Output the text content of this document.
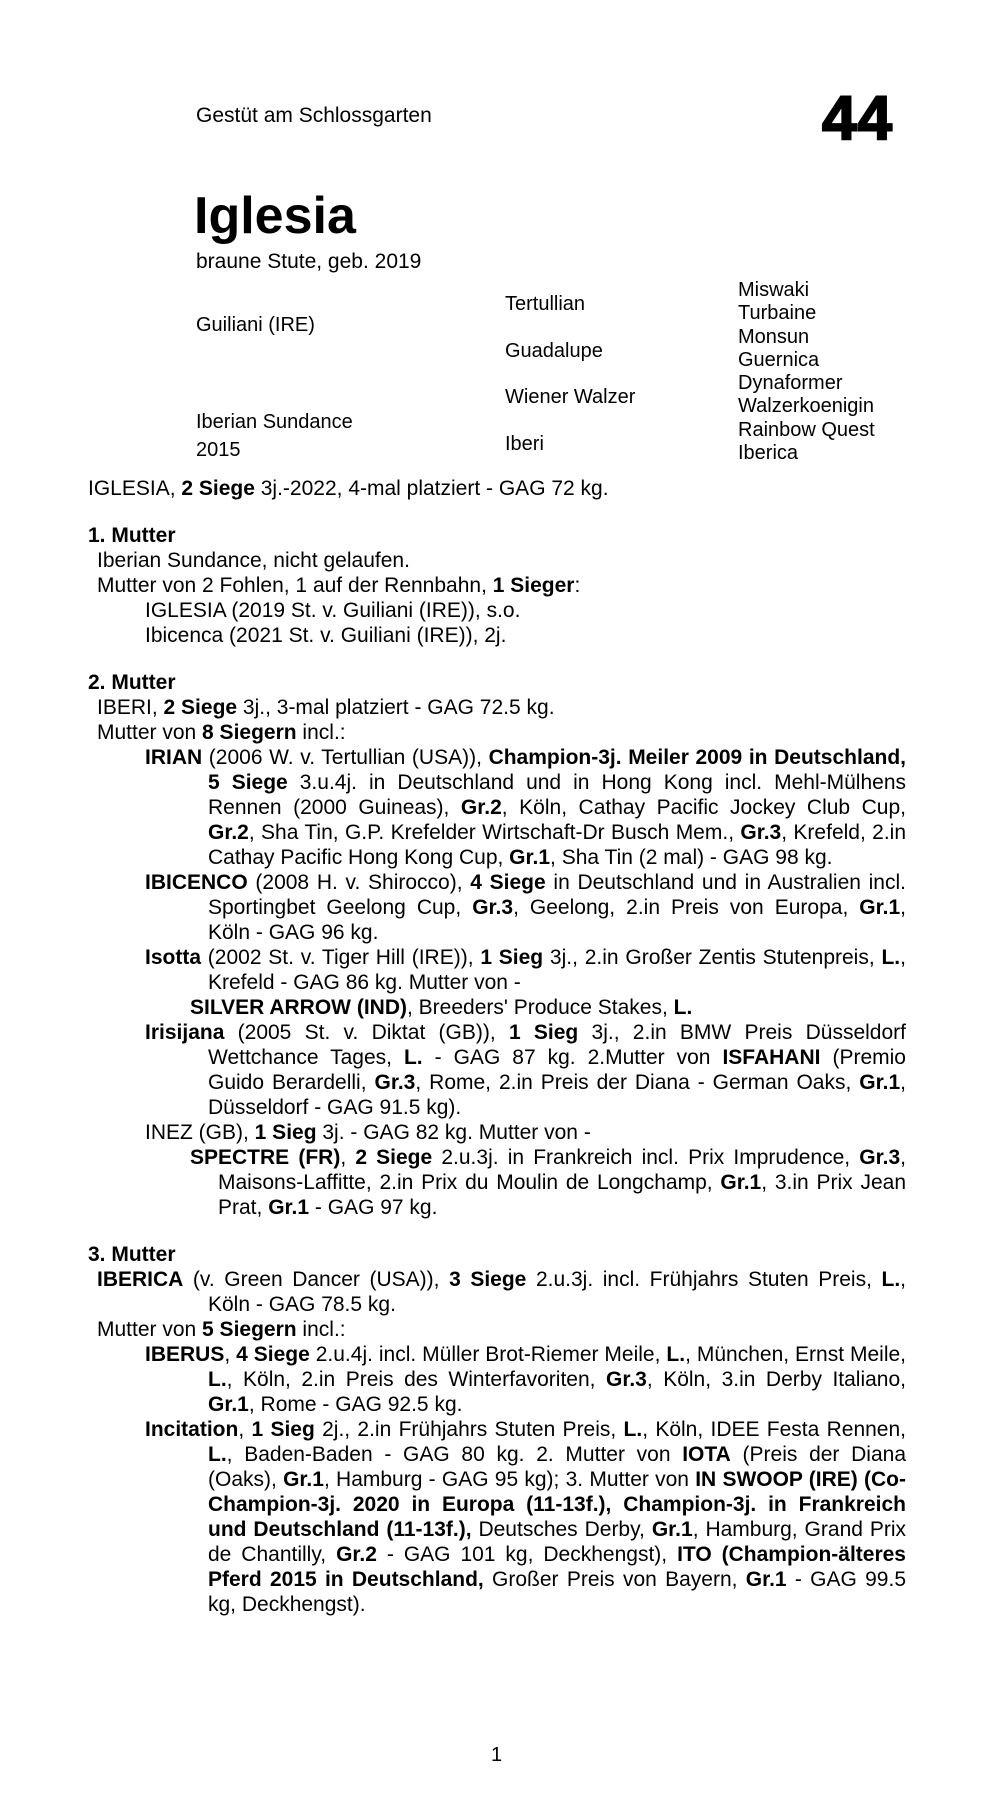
Gestüt am Schlossgarten	44
Iglesia
braune Stute, geb. 2019
Guiliani (IRE)
Iberian Sundance
2015
Tertullian
Guadalupe
Wiener Walzer
Iberi
Miswaki
Turbaine
Monsun
Guernica
Dynaformer
Walzerkoenigin
Rainbow Quest
Iberica
IGLESIA, 2 Siege 3j.-2022, 4-mal platziert - GAG 72 kg.
1. Mutter
Iberian Sundance, nicht gelaufen.
Mutter von 2 Fohlen, 1 auf der Rennbahn, 1 Sieger:
IGLESIA (2019 St. v. Guiliani (IRE)), s.o.
Ibicenca (2021 St. v. Guiliani (IRE)), 2j.
2. Mutter
IBERI, 2 Siege 3j., 3-mal platziert - GAG 72.5 kg.
Mutter von 8 Siegern incl.:
IRIAN (2006 W. v. Tertullian (USA)), Champion-3j. Meiler 2009 in Deutschland, 5 Siege 3.u.4j. in Deutschland und in Hong Kong incl. Mehl-Mülhens Rennen (2000 Guineas), Gr.2, Köln, Cathay Pacific Jockey Club Cup, Gr.2, Sha Tin, G.P. Krefelder Wirtschaft-Dr Busch Mem., Gr.3, Krefeld, 2.in Cathay Pacific Hong Kong Cup, Gr.1, Sha Tin (2 mal) - GAG 98 kg.
IBICENCO (2008 H. v. Shirocco), 4 Siege in Deutschland und in Australien incl. Sportingbet Geelong Cup, Gr.3, Geelong, 2.in Preis von Europa, Gr.1, Köln - GAG 96 kg.
Isotta (2002 St. v. Tiger Hill (IRE)), 1 Sieg 3j., 2.in Großer Zentis Stutenpreis, L., Krefeld - GAG 86 kg. Mutter von -
SILVER ARROW (IND), Breeders' Produce Stakes, L.
Irisijana (2005 St. v. Diktat (GB)), 1 Sieg 3j., 2.in BMW Preis Düsseldorf Wettchance Tages, L. - GAG 87 kg. 2.Mutter von ISFAHANI (Premio Guido Berardelli, Gr.3, Rome, 2.in Preis der Diana - German Oaks, Gr.1, Düsseldorf - GAG 91.5 kg).
INEZ (GB), 1 Sieg 3j. - GAG 82 kg. Mutter von -
SPECTRE (FR), 2 Siege 2.u.3j. in Frankreich incl. Prix Imprudence, Gr.3, Maisons-Laffitte, 2.in Prix du Moulin de Longchamp, Gr.1, 3.in Prix Jean Prat, Gr.1 - GAG 97 kg.
3. Mutter
IBERICA (v. Green Dancer (USA)), 3 Siege 2.u.3j. incl. Frühjahrs Stuten Preis, L., Köln - GAG 78.5 kg.
Mutter von 5 Siegern incl.:
IBERUS, 4 Siege 2.u.4j. incl. Müller Brot-Riemer Meile, L., München, Ernst Meile, L., Köln, 2.in Preis des Winterfavoriten, Gr.3, Köln, 3.in Derby Italiano, Gr.1, Rome - GAG 92.5 kg.
Incitation, 1 Sieg 2j., 2.in Frühjahrs Stuten Preis, L., Köln, IDEE Festa Rennen, L., Baden-Baden - GAG 80 kg. 2. Mutter von IOTA (Preis der Diana (Oaks), Gr.1, Hamburg - GAG 95 kg); 3. Mutter von IN SWOOP (IRE) (Co-Champion-3j. 2020 in Europa (11-13f.), Champion-3j. in Frankreich und Deutschland (11-13f.), Deutsches Derby, Gr.1, Hamburg, Grand Prix de Chantilly, Gr.2 - GAG 101 kg, Deckhengst), ITO (Champion-älteres Pferd 2015 in Deutschland, Großer Preis von Bayern, Gr.1 - GAG 99.5 kg, Deckhengst).
1
